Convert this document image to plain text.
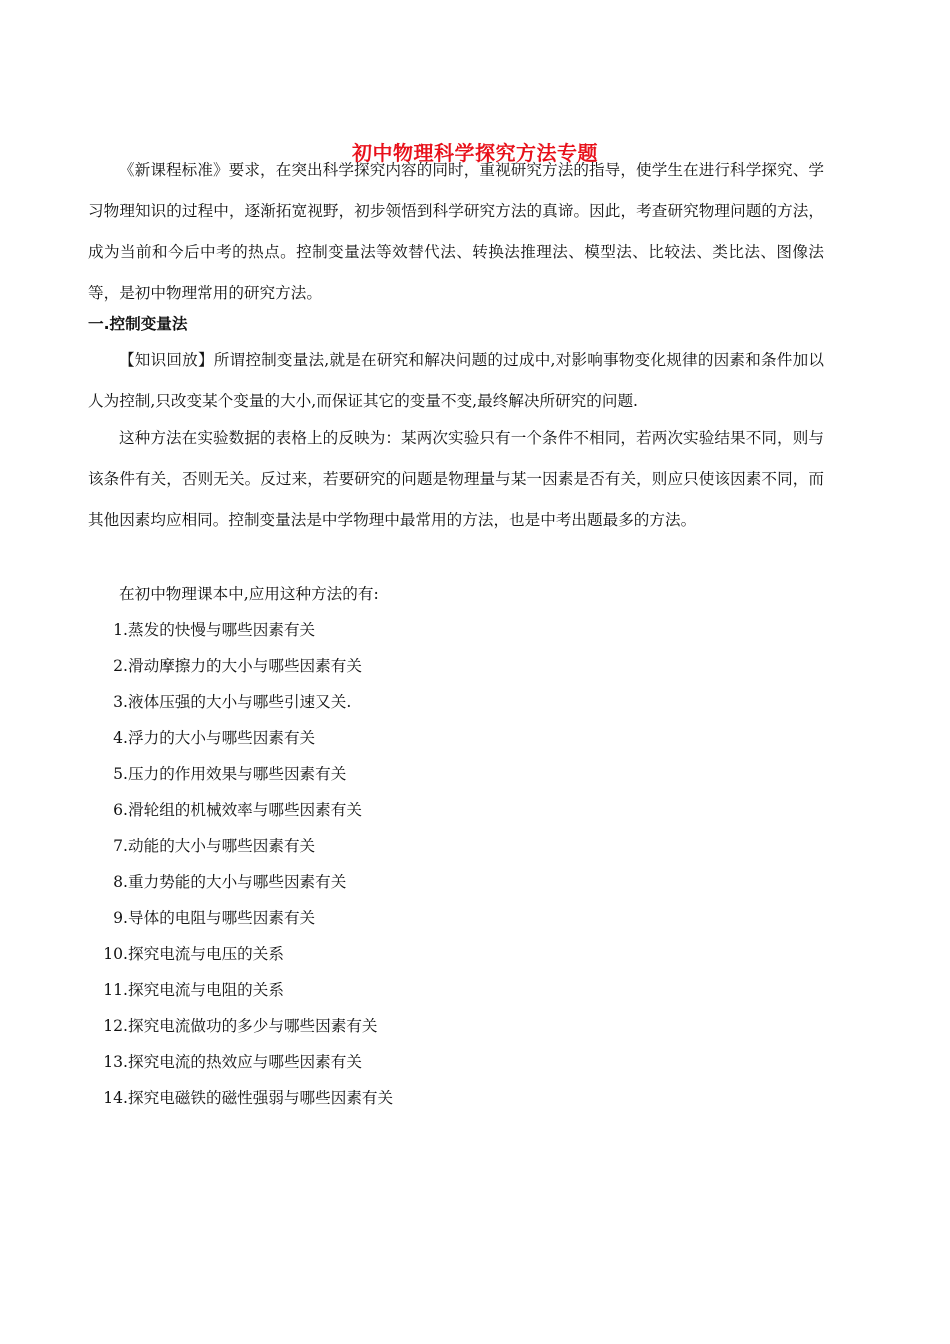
初中物理科学探究方法专题

《新课程标准》要求，在突出科学探究内容的同时，重视研究方法的指导，使学生在进行科学探究、学习物理知识的过程中，逐渐拓宽视野，初步领悟到科学研究方法的真谛。因此，考查研究物理问题的方法，成为当前和今后中考的热点。控制变量法等效替代法、转换法推理法、模型法、比较法、类比法、图像法等，是初中物理常用的研究方法。

一.控制变量法

【知识回放】所谓控制变量法,就是在研究和解决问题的过成中,对影响事物变化规律的因素和条件加以人为控制,只改变某个变量的大小,而保证其它的变量不变,最终解决所研究的问题.

这种方法在实验数据的表格上的反映为：某两次实验只有一个条件不相同，若两次实验结果不同，则与该条件有关，否则无关。反过来，若要研究的问题是物理量与某一因素是否有关，则应只使该因素不同，而其他因素均应相同。控制变量法是中学物理中最常用的方法，也是中考出题最多的方法。

在初中物理课本中,应用这种方法的有:

1.蒸发的快慢与哪些因素有关
2.滑动摩擦力的大小与哪些因素有关
3.液体压强的大小与哪些引速又关.
4.浮力的大小与哪些因素有关
5.压力的作用效果与哪些因素有关
6.滑轮组的机械效率与哪些因素有关
7.动能的大小与哪些因素有关
8.重力势能的大小与哪些因素有关
9.导体的电阻与哪些因素有关
10.探究电流与电压的关系
11.探究电流与电阻的关系
12.探究电流做功的多少与哪些因素有关
13.探究电流的热效应与哪些因素有关
14.探究电磁铁的磁性强弱与哪些因素有关
